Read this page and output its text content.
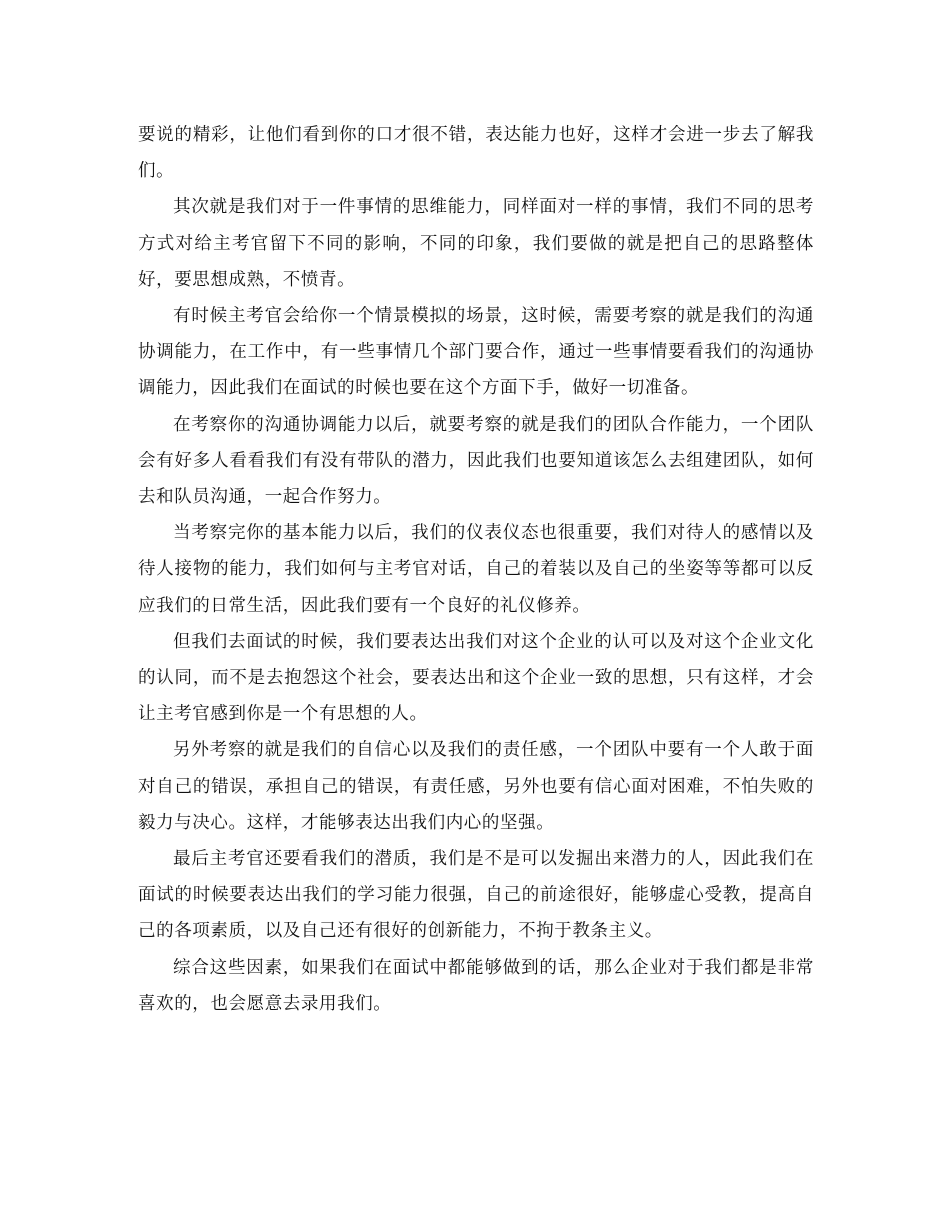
要说的精彩，让他们看到你的口才很不错，表达能力也好，这样才会进一步去了解我们。

其次就是我们对于一件事情的思维能力，同样面对一样的事情，我们不同的思考方式对给主考官留下不同的影响，不同的印象，我们要做的就是把自己的思路整体好，要思想成熟，不愤青。

有时候主考官会给你一个情景模拟的场景，这时候，需要考察的就是我们的沟通协调能力，在工作中，有一些事情几个部门要合作，通过一些事情要看我们的沟通协调能力，因此我们在面试的时候也要在这个方面下手，做好一切准备。

在考察你的沟通协调能力以后，就要考察的就是我们的团队合作能力，一个团队会有好多人看看我们有没有带队的潜力，因此我们也要知道该怎么去组建团队，如何去和队员沟通，一起合作努力。

当考察完你的基本能力以后，我们的仪表仪态也很重要，我们对待人的感情以及待人接物的能力，我们如何与主考官对话，自己的着装以及自己的坐姿等等都可以反应我们的日常生活，因此我们要有一个良好的礼仪修养。

但我们去面试的时候，我们要表达出我们对这个企业的认可以及对这个企业文化的认同，而不是去抱怨这个社会，要表达出和这个企业一致的思想，只有这样，才会让主考官感到你是一个有思想的人。

另外考察的就是我们的自信心以及我们的责任感，一个团队中要有一个人敢于面对自己的错误，承担自己的错误，有责任感，另外也要有信心面对困难，不怕失败的毅力与决心。这样，才能够表达出我们内心的坚强。

最后主考官还要看我们的潜质，我们是不是可以发掘出来潜力的人，因此我们在面试的时候要表达出我们的学习能力很强，自己的前途很好，能够虚心受教，提高自己的各项素质，以及自己还有很好的创新能力，不拘于教条主义。

综合这些因素，如果我们在面试中都能够做到的话，那么企业对于我们都是非常喜欢的，也会愿意去录用我们。
